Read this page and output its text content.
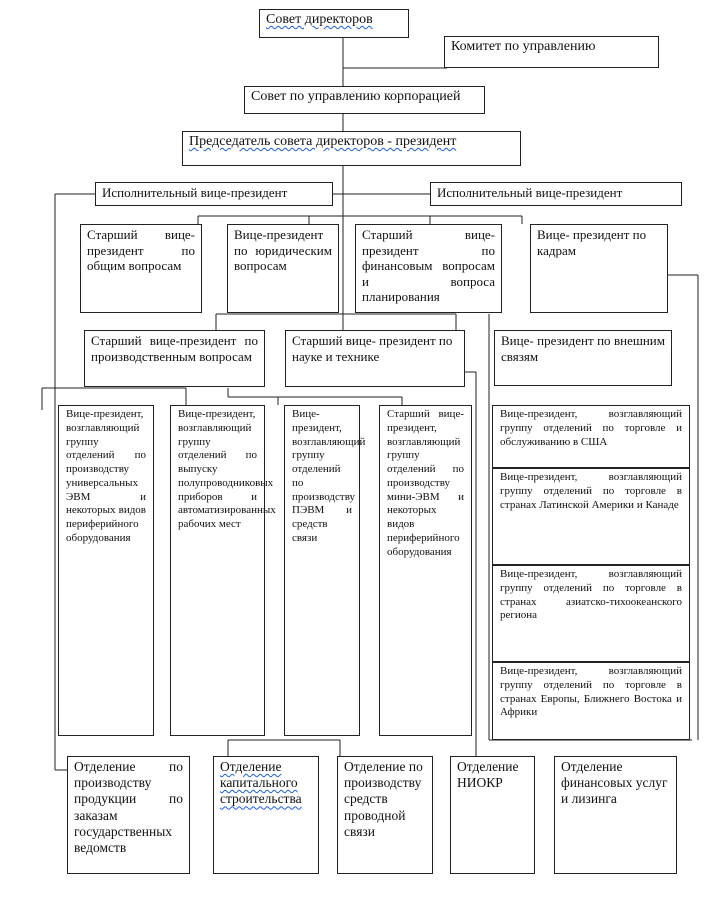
Совет директоров
Комитет по управлению
Совет по управлению корпорацией
Председатель совета директоров - президент
Исполнительный вице-президент	Исполнительный вице-президент
Старший вице-президент по общим вопросам
Вице-президент по юридическим вопросам
Старший вице-президент по финансовым вопросам и вопроса планирования
Вице- президент по кадрам
Старший вице-президент по производственным вопросам
Старший вице- президент по науке и технике
Вице- президент по внешним связям
Вице-президент, возглавляющий группу отделений по производству универсальных ЭВМ и некоторых видов периферийного оборудования
Вице-президент, возглавляющий группу отделений по выпуску полупроводниковых приборов и автоматизированных рабочих мест
Вице-президент, возглавляющий группу отделений по производству ПЭВМ и средств связи
Старший вице-президент, возглавляющий группу отделений по производству мини-ЭВМ и некоторых видов периферийного оборудования
Вице-президент, возглавляющий группу отделений по торговле и обслуживанию в США
Вице-президент, возглавляющий группу отделений по торговле в странах Латинской Америки и Канаде
Вице-президент, возглавляющий группу отделений по торговле в странах азиатско-тихоокеанского региона
Вице-президент, возглавляющий группу отделений по торговле в странах Европы, Ближнего Востока и Африки
Отделение по производству продукции по заказам государственных ведомств
Отделение капитального строительства
Отделение по производству средств проводной связи
Отделение НИОКР
Отделение финансовых услуг и лизинга
